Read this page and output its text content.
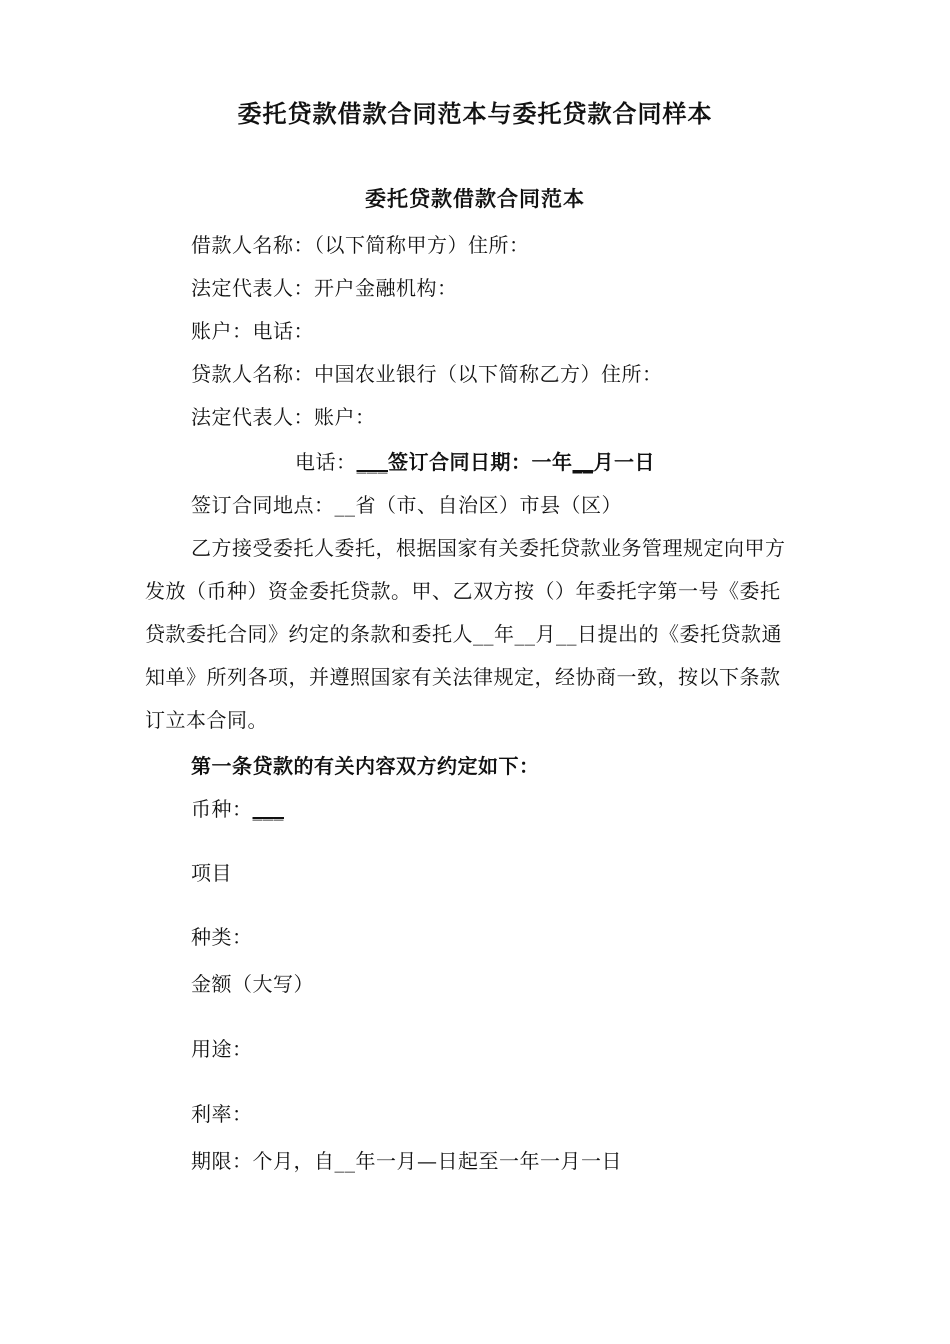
委托贷款借款合同范本与委托贷款合同样本
委托贷款借款合同范本
借款人名称：（以下简称甲方）住所：
法定代表人：开户金融机构：
账户：电话：
贷款人名称：中国农业银行（以下简称乙方）住所：
法定代表人：账户：
电话：___签订合同日期：一年__月一日
签订合同地点：__省（市、自治区）市县（区）
乙方接受委托人委托，根据国家有关委托贷款业务管理规定向甲方
发放（币种）资金委托贷款。甲、乙双方按（）年委托字第一号《委托
贷款委托合同》约定的条款和委托人__年__月__日提出的《委托贷款通
知单》所列各项，并遵照国家有关法律规定，经协商一致，按以下条款
订立本合同。
第一条贷款的有关内容双方约定如下：
币种：___
项目
种类：
金额（大写）
用途：
利率：
期限：个月，自__年一月—日起至一年一月一日
